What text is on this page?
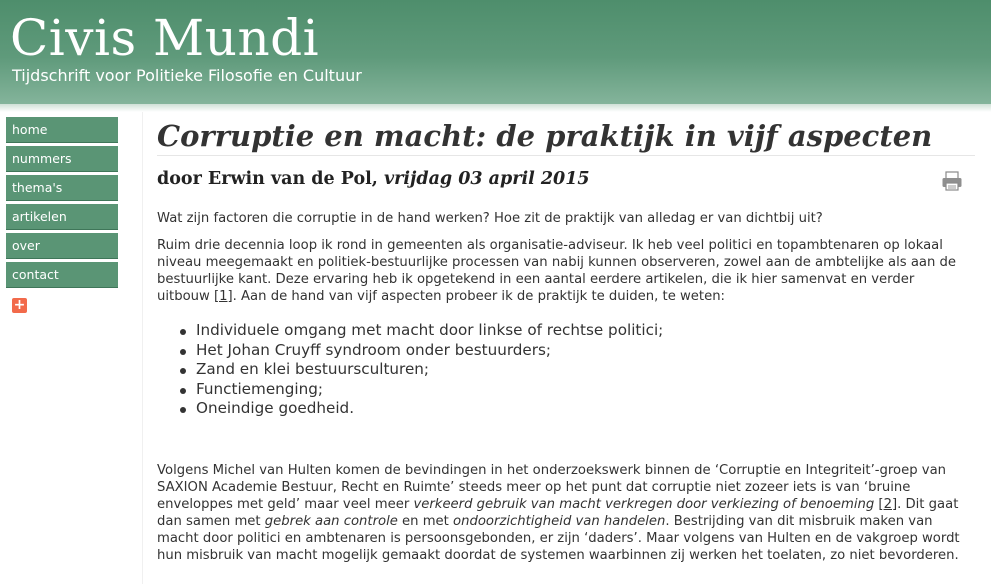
Civis Mundi
Tijdschrift voor Politieke Filosofie en Cultuur
home
nummers
thema's
artikelen
over
contact
+
Corruptie en macht: de praktijk in vijf aspecten
door Erwin van de Pol, vrijdag 03 april 2015

Wat zijn factoren die corruptie in de hand werken? Hoe zit de praktijk van alledag er van dichtbij uit?

Ruim drie decennia loop ik rond in gemeenten als organisatie-adviseur. Ik heb veel politici en topambtenaren op lokaal niveau meegemaakt en politiek-bestuurlijke processen van nabij kunnen observeren, zowel aan de ambtelijke als aan de bestuurlijke kant. Deze ervaring heb ik opgetekend in een aantal eerdere artikelen, die ik hier samenvat en verder uitbouw [1]. Aan de hand van vijf aspecten probeer ik de praktijk te duiden, te weten:

Individuele omgang met macht door linkse of rechtse politici;
Het Johan Cruyff syndroom onder bestuurders;
Zand en klei bestuursculturen;
Functiemenging;
Oneindige goedheid.

Volgens Michel van Hulten komen de bevindingen in het onderzoekswerk binnen de ‘Corruptie en Integriteit’-groep van SAXION Academie Bestuur, Recht en Ruimte’ steeds meer op het punt dat corruptie niet zozeer iets is van ‘bruine enveloppes met geld’ maar veel meer verkeerd gebruik van macht verkregen door verkiezing of benoeming [2]. Dit gaat dan samen met gebrek aan controle en met ondoorzichtigheid van handelen. Bestrijding van dit misbruik maken van macht door politici en ambtenaren is persoonsgebonden, er zijn ‘daders’. Maar volgens van Hulten en de vakgroep wordt hun misbruik van macht mogelijk gemaakt doordat de systemen waarbinnen zij werken het toelaten, zo niet bevorderen.
